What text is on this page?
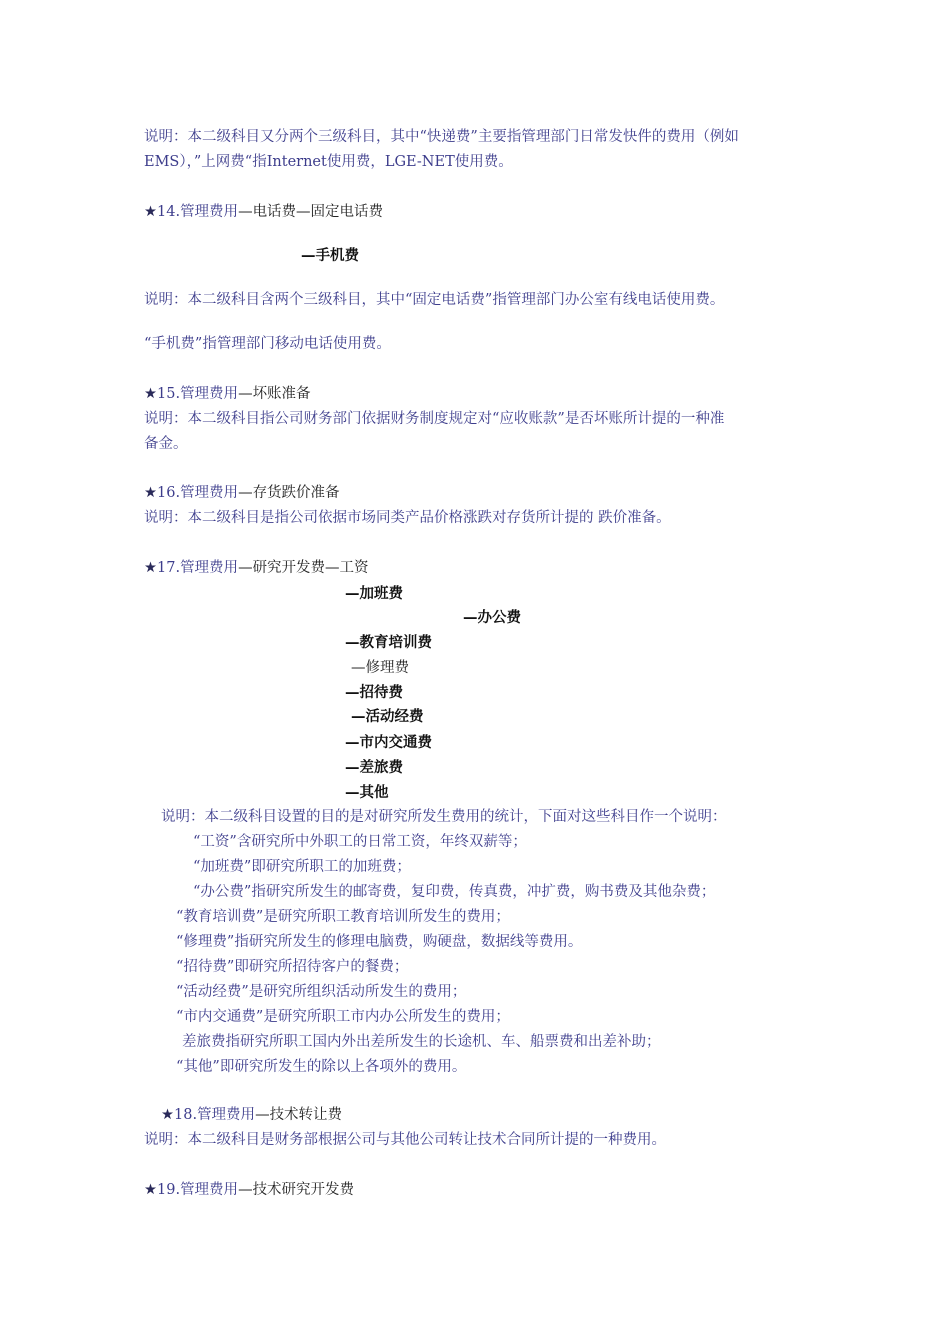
说明：本二级科目又分两个三级科目，其中“快递费”主要指管理部门日常发快件的费用（例如
EMS），”上网费“指Internet使用费，LGE-NET使用费。
★14.管理费用—电话费—固定电话费
—手机费
说明：本二级科目含两个三级科目，其中“固定电话费”指管理部门办公室有线电话使用费。
“手机费”指管理部门移动电话使用费。
★15.管理费用—坏账准备
说明：本二级科目指公司财务部门依据财务制度规定对“应收账款”是否坏账所计提的一种准
备金。
★16.管理费用—存货跌价准备
说明：本二级科目是指公司依据市场同类产品价格涨跌对存货所计提的 跌价准备。
★17.管理费用—研究开发费—工资
—加班费
—办公费
—教育培训费
—修理费
—招待费
—活动经费
—市内交通费
—差旅费
—其他
说明：本二级科目设置的目的是对研究所发生费用的统计，下面对这些科目作一个说明：
“工资”含研究所中外职工的日常工资，年终双薪等；
“加班费”即研究所职工的加班费；
“办公费”指研究所发生的邮寄费，复印费，传真费，冲扩费，购书费及其他杂费；
“教育培训费”是研究所职工教育培训所发生的费用；
“修理费”指研究所发生的修理电脑费，购硬盘，数据线等费用。
“招待费”即研究所招待客户的餐费；
“活动经费”是研究所组织活动所发生的费用；
“市内交通费”是研究所职工市内办公所发生的费用；
差旅费指研究所职工国内外出差所发生的长途机、车、船票费和出差补助；
“其他”即研究所发生的除以上各项外的费用。
★18.管理费用—技术转让费
说明：本二级科目是财务部根据公司与其他公司转让技术合同所计提的一种费用。
★19.管理费用—技术研究开发费
